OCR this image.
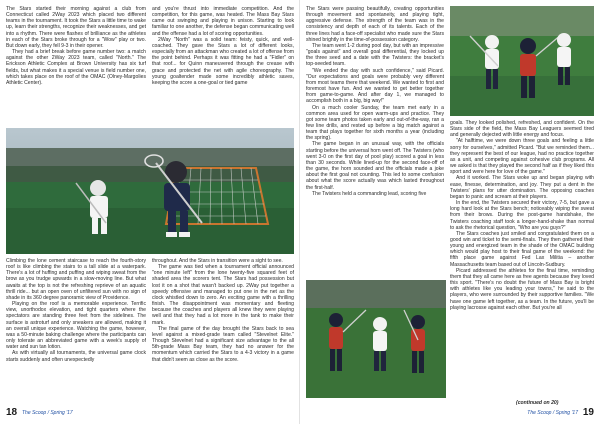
The Stars started their morning against a club from Connecticut called 2Way 2023 which placed two different teams in the tournament. It took the Stars a little time to wake up, learn their strengths, recognize their weaknesses, and get into a rhythm. There were flashes of brilliance as the athletes in each of the Stars broke through for a "Wow" play or two. But down early, they fell 9-3 in their opener.

They had a brief break before game number two: a match against the other 2Way 2023 team, called "North." The Erickson Athletic Complex at Brown University has six turf fields, but what makes it a special venue is field number one, which takes place on the roof of the OMAC (Olney-Margolies Athletic Center).

and you're thrust into immediate competition. And the competition, for this game, was heated. The Mass Bay Stars came out swinging and playing in unison. Starting to look familiar to one another, the defense began communicating well and the offense had a lot of scoring opportunities.

2Way "North" was a solid team: feisty, quick, and well-coached. They gave the Stars a lot of different looks, especially from an attackman who created a lot of offense from the point behind. Perhaps it was fitting he had a "Fidler" on that roof... for Quinn maneuvered through the crease with grace and protected the net with agile choreography. The young goaltender made some incredibly athletic saves, keeping the score a one-goal or tied game

Climbing the lone cement staircase to reach the fourth-story roof is like climbing the stairs to a tall slide at a waterpark. There's a lot of huffing and puffing and wiping sweat from the brow as you trudge upwards in a slow-moving line. But what awaits at the top is not the refreshing reprieve of an aquatic thrill ride... but an open oven of unfiltered sun with no sign of shade in its 360 degree panoramic view of Providence.

Playing on the roof is a memorable experience. Terrific view, unorthodox elevation, and tight quarters where the spectators are standing three feet from the sidelines. The surface is astroturf and only sneakers are allowed, making it an overall unique experience. Watching the game, however, was a 50-minute baking challenge where the participants can only tolerate an abbreviated game with a week's supply of water and sun tan lotion.

As with virtually all tournaments, the universal game clock starts suddenly and often unexpectedly

throughout. And the Stars in transition were a sight to see.

The game was tied when a tournament official announced "one minute left" from the lone twenty-five squared feet of shaded area the scorers tent. The Stars had possession but lost it on a shot that wasn't backed up. 2Way put together a speedy offensive and managed to put one in the net as the clock whistled down to zero. An exciting game with a thrilling finish. The disappointment was momentary and fleeting because the coaches and players all knew they were playing well and that they had a lot more in the tank to make their mark.

The final game of the day brought the Stars back to sea level against a mixed-grade team called "Stevelnet Elite." Though Stevelnet had a significant size advantage to the all 5th-grade Mass Bay team, they had no answer for the momentum which carried the Stars to a 4-3 victory in a game that didn't seem as close as the score.

18 The Scoop / Spring '17

The Stars were passing beautifully, creating opportunities through movement and spontaneity, and playing tight, aggressive defense. The strength of the team was in the consistency and depth of each of its talents. Each of the three lines had a face-off specialist who made sure the Stars shined brightly in the time-of-possession category.

The team went 1-2 during pool day, but with an impressive "goals against" and overall goal differential, they locked up the three seed and a date with the Twisters: the bracket's top-seeded team.

"We ended the day with such confidence," said Picard. "Our expectations and goals were probably very different from most teams there that weekend. We wanted to first and foremost have fun. And we wanted to get better together from game-to-game. And after day 1, we managed to accomplish both in a big, big way!"

On a much cooler Sunday, the team met early in a common area used for open warm-ups and practice. They got some team photos taken early and out-of-the-way, ran a few line drills, and rested up before a big match against a team that plays together for sixth months a year (including the spring).

The game began in an unusual way, with the officials starting before the universal horn went off. The Twisters (who went 3-0 on the first day of pool play) scored a goal in less than 30 seconds. While lined-up for the second face-off of the game, the horn sounded and the officials made a joke about the first goal not counting. This led to some confusion about what the score actually was which lasted throughout the first-half.

The Twisters held a commanding lead, scoring five

goals. They looked polished, refreshed, and confident. On the Stars side of the field, the Mass Bay Leaguers seemed tired and generally dejected with little energy and focus.

"At halftime, we were down three goals and feeling a little sorry for ourselves," admitted Picard. "But we reminded them... they represent the best of our league, had no practice together as a unit, and competing against cohesive club programs. All we asked is that they played the second half as if they liked this sport and were here for love of the game."

And it worked. The Stars woke up and began playing with ease, finesse, determination, and joy. They put a dent in the Twisters' plans for utter domination. The opposing coaches began to panic and scream at their players.

In the end, the Twisters secured their victory, 7-5, but gave a long hard look at the Stars bench; noticeably wiping the sweat from their brows. During the post-game handshake, the Twisters coaching staff took a longer-hand-shake than normal to ask the rhetorical question, "Who are you guys?"

The Stars coaches just smiled and congratulated them on a good win and ticket to the semi-finals. They then gathered their young and energized team in the shade of the OMAC building which would play host to their final game of the weekend: the fifth place game against Fed Lax Militia – another Massachusetts team based out of Lincoln-Sudbury.

Picard addressed the athletes for the final time, reminding them that they all came here as free agents because they loved this sport. "There's no doubt the future of Mass Bay is bright with athletes like you leading your towns," he said to the players, who were surrounded by their supportive families. "We have one game left together, as a team. In the future, you'll be playing lacrosse against each other. But you're all

The Scoop / Spring '17 19
(continued on 20)
